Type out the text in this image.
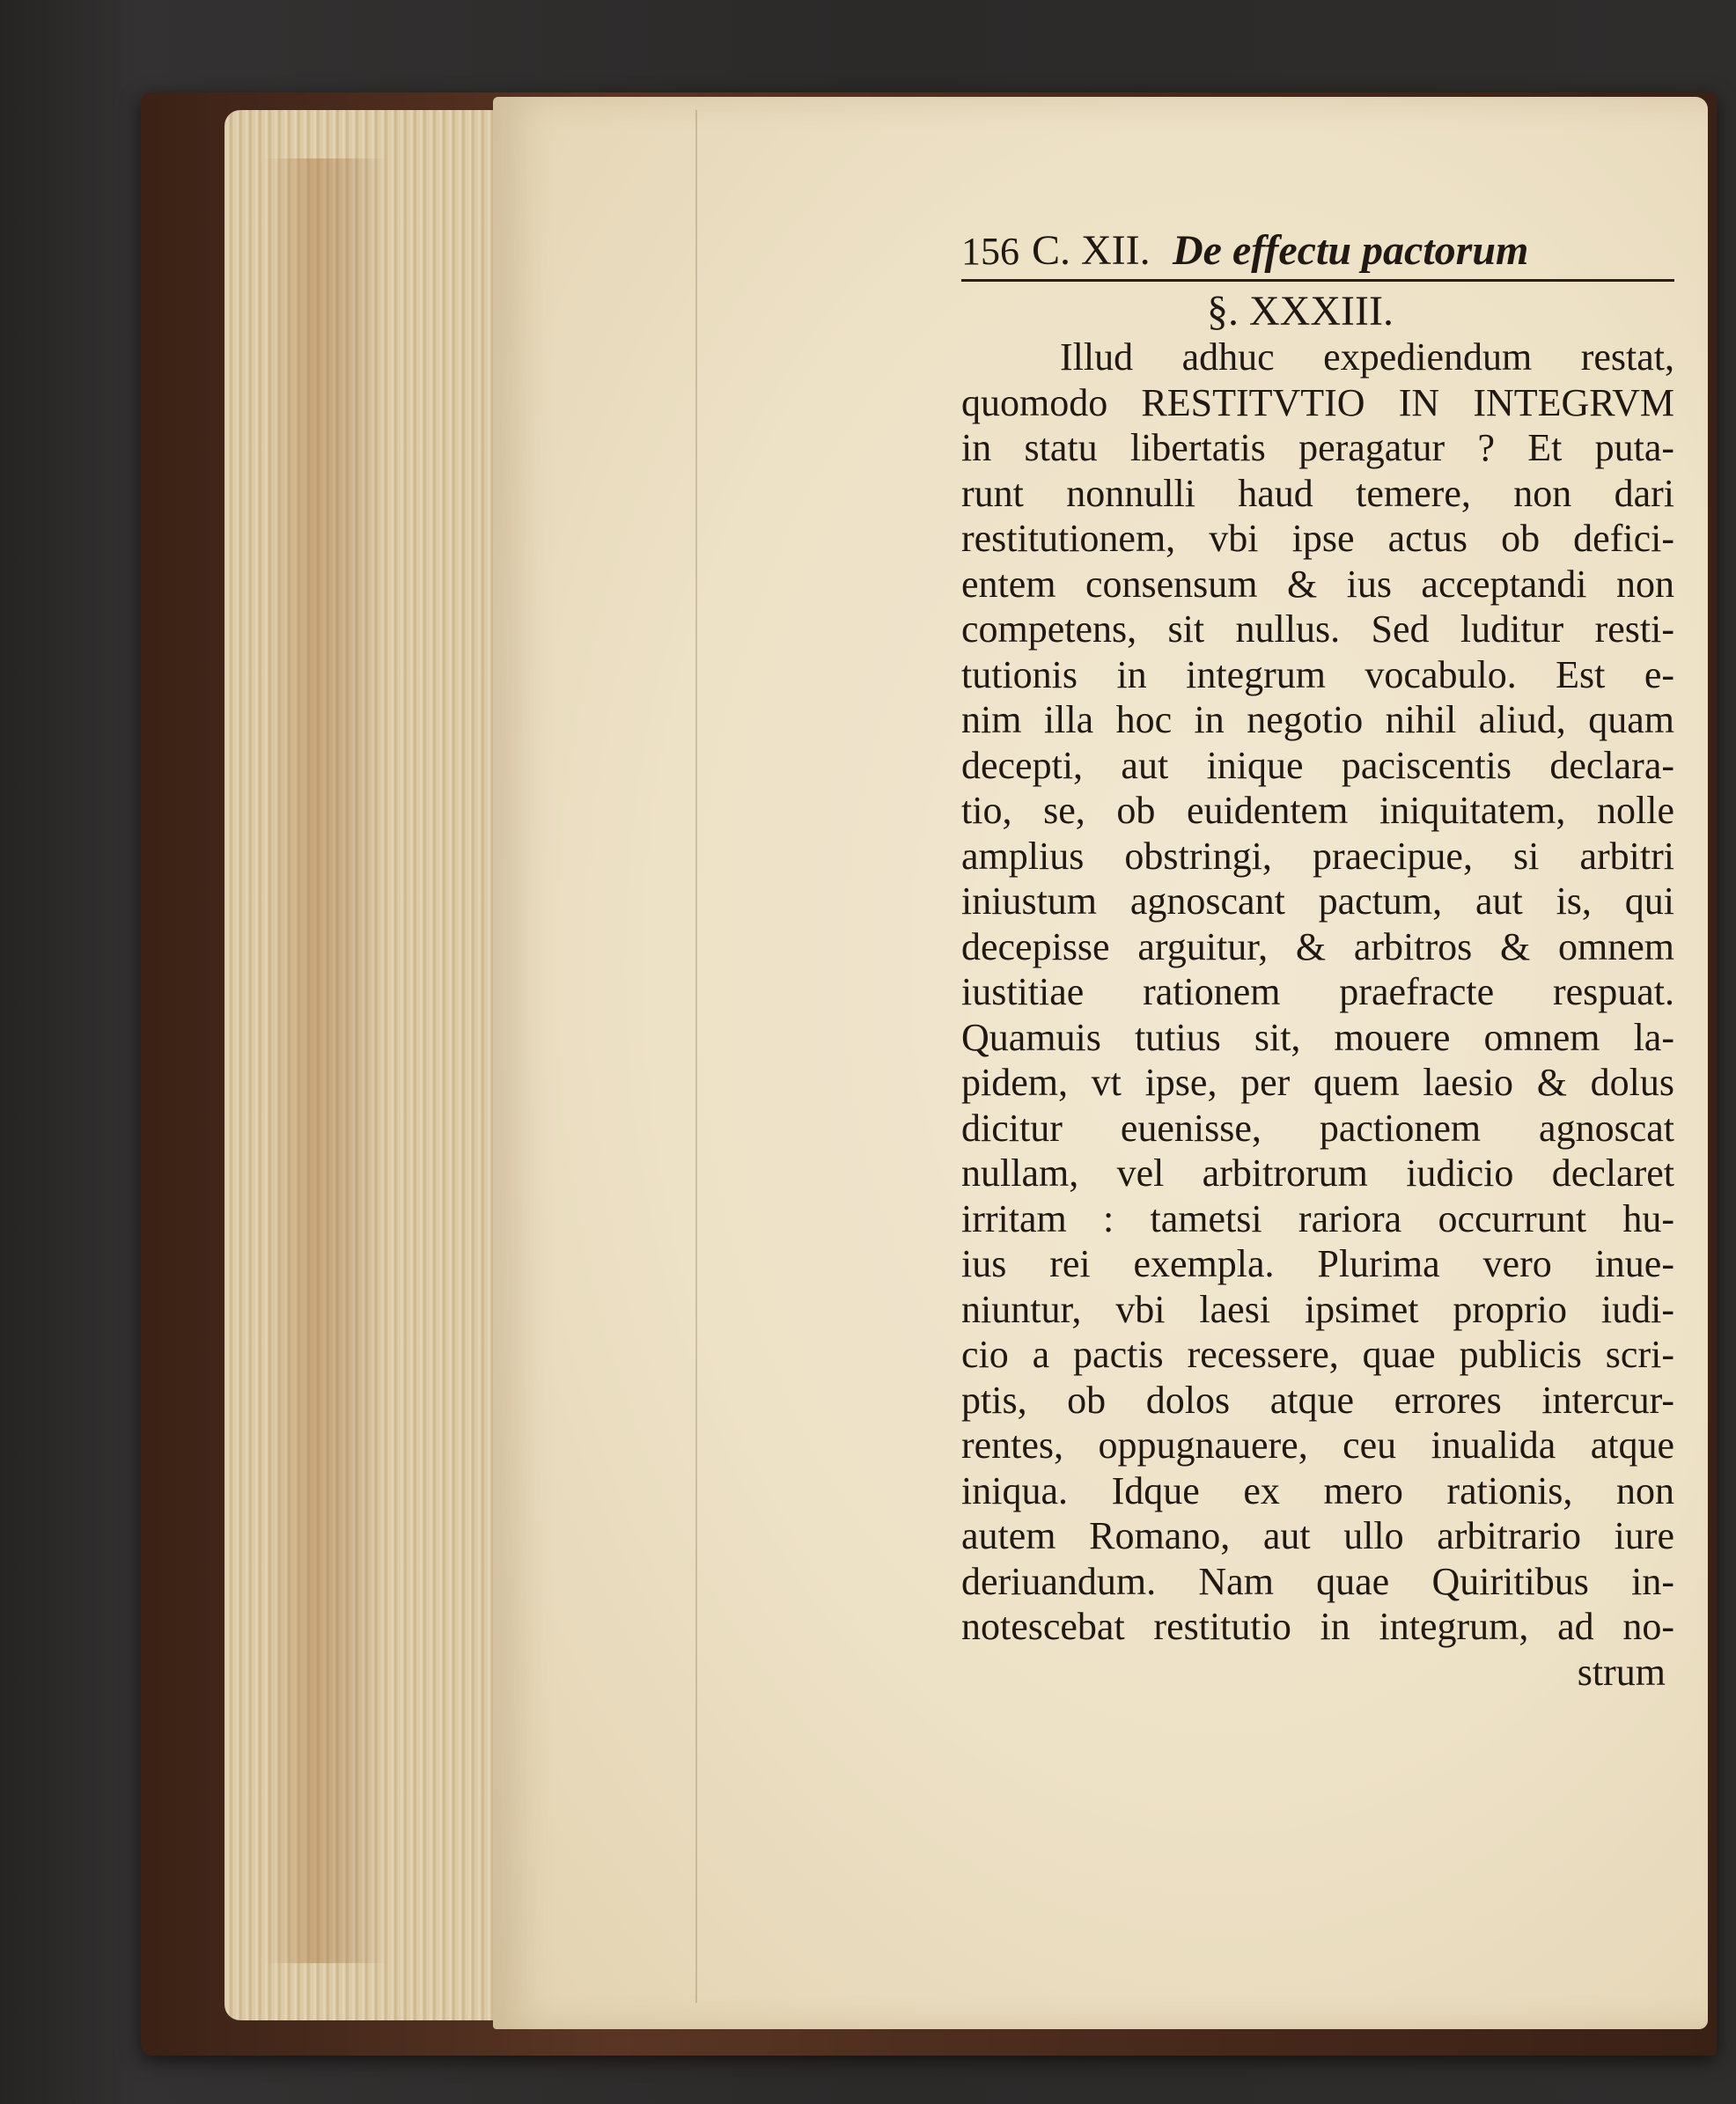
156 C. XII. De effectu pactorum
§. XXXIII.
Illud adhuc expediendum restat,
quomodo RESTITVTIO IN INTEGRVM
in statu libertatis peragatur ? Et puta-
runt nonnulli haud temere, non dari
restitutionem, vbi ipse actus ob defici-
entem consensum & ius acceptandi non
competens, sit nullus. Sed luditur resti-
tutionis in integrum vocabulo. Est e-
nim illa hoc in negotio nihil aliud, quam
decepti, aut inique paciscentis declara-
tio, se, ob euidentem iniquitatem, nolle
amplius obstringi, praecipue, si arbitri
iniustum agnoscant pactum, aut is, qui
decepisse arguitur, & arbitros & omnem
iustitiae rationem praefracte respuat.
Quamuis tutius sit, mouere omnem la-
pidem, vt ipse, per quem laesio & dolus
dicitur euenisse, pactionem agnoscat
nullam, vel arbitrorum iudicio declaret
irritam : tametsi rariora occurrunt hu-
ius rei exempla. Plurima vero inue-
niuntur, vbi laesi ipsimet proprio iudi-
cio a pactis recessere, quae publicis scri-
ptis, ob dolos atque errores intercur-
rentes, oppugnauere, ceu inualida atque
iniqua. Idque ex mero rationis, non
autem Romano, aut ullo arbitrario iure
deriuandum. Nam quae Quiritibus in-
notescebat restitutio in integrum, ad no-
strum
